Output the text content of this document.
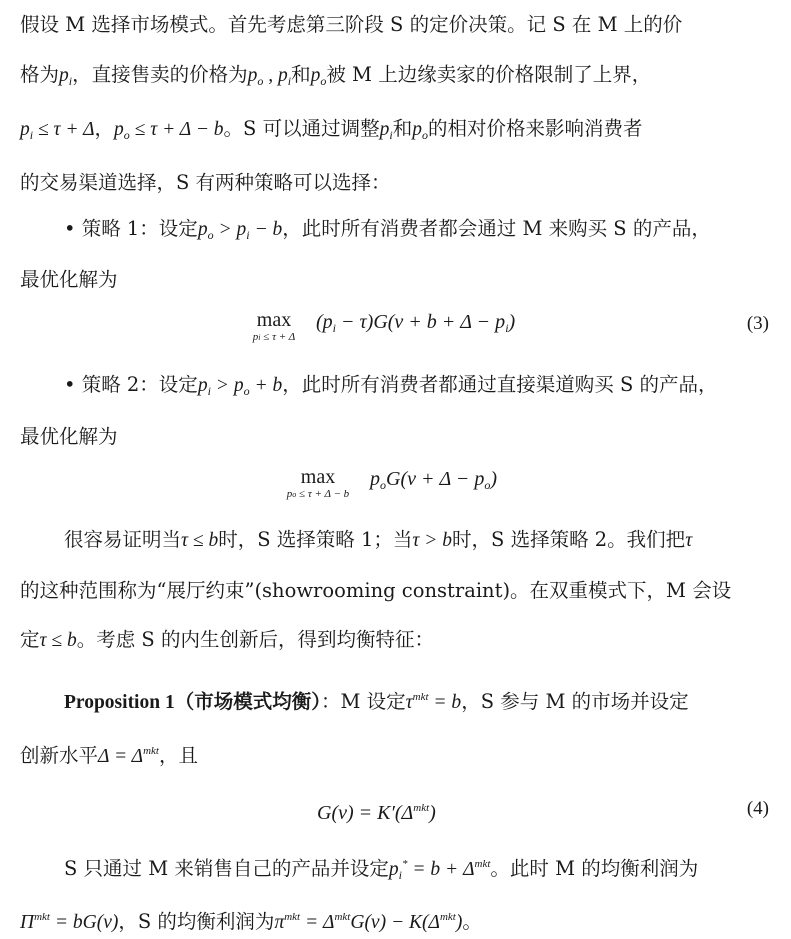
假设 M 选择市场模式。首先考虑第三阶段 S 的定价决策。记 S 在 M 上的价
格为$p_i$，直接售卖的价格为$p_o$ , $p_i$和$p_o$被 M 上边缘卖家的价格限制了上界，
$p_i \le \tau + \Delta$，$p_o \le \tau + \Delta - b$。S 可以通过调整$p_i$和$p_o$的相对价格来影响消费者
的交易渠道选择，S 有两种策略可以选择：
• 策略 1：设定$p_o > p_i - b$，此时所有消费者都会通过 M 来购买 S 的产品，
最优化解为
max
pi ≤ τ + Δ
$(p_i - \tau)G(v + b + \Delta - p_i)$	(3)
• 策略 2：设定$p_i > p_o + b$，此时所有消费者都通过直接渠道购买 S 的产品，
最优化解为
max
po ≤ τ + Δ − b
$p_oG(v + \Delta - p_o)$
很容易证明当τ ≤ b时，S 选择策略 1；当τ > b时，S 选择策略 2。我们把τ
的这种范围称为“展厅约束”(showrooming constraint)。在双重模式下，M 会设
定τ ≤ b。考虑 S 的内生创新后，得到均衡特征：
Proposition 1（市场模式均衡）：M 设定$\tau^{mkt} = b$，S 参与 M 的市场并设定
创新水平$\Delta = \Delta^{mkt}$，且
$G(v) = K'(\Delta^{mkt})$	(4)
S 只通过 M 来销售自己的产品并设定$p_i^* = b + \Delta^{mkt}$。此时 M 的均衡利润为
$\Pi^{mkt} = bG(v)$，S 的均衡利润为$\pi^{mkt} = \Delta^{mkt}G(v) - K(\Delta^{mkt})$。
